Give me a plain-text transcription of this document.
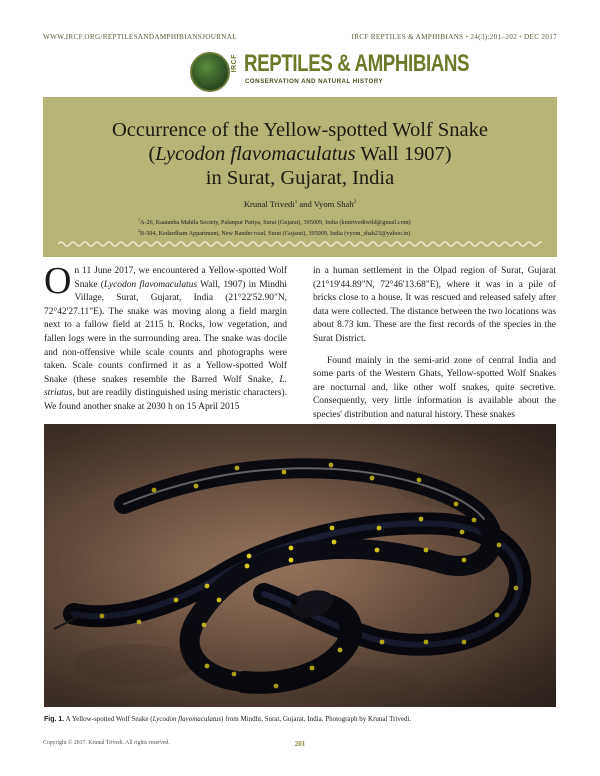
WWW.IRCF.ORG/REPTILESANDAMPHIBIANSJOURNAL	IRCF REPTILES & AMPHIBIANS • 24(3):201–202 • DEC 2017
IRCF REPTILES & AMPHIBIANS
CONSERVATION AND NATURAL HISTORY
Occurrence of the Yellow-spotted Wolf Snake
(Lycodon flavomaculatus Wall 1907)
in Surat, Gujarat, India
Krunal Trivedi$^1$ and Vyom Shah$^2$
$^1$A-26, Kaatanba Mahila Society, Palanpur Patiya, Surat (Gujarat), 395009, India (kmtrivediwild@gmail.com)
$^2$B-504, Kedardham Appartment, New Rander road, Surat (Gujarat), 395009, India (vyom_shah23@yahoo.in)

On 11 June 2017, we encountered a Yellow-spotted Wolf Snake (Lycodon flavomaculatus Wall, 1907) in Mindhi Village, Surat, Gujarat, India (21°22'52.90"N, 72°42'27.11"E). The snake was moving along a field margin next to a fallow field at 2115 h. Rocks, low vegetation, and fallen logs were in the surrounding area. The snake was docile and non-offensive while scale counts and photographs were taken. Scale counts confirmed it as a Yellow-spotted Wolf Snake (these snakes resemble the Barred Wolf Snake, L. striatus, but are readily distinguished using meristic characters). We found another snake at 2030 h on 15 April 2015

in a human settlement in the Olpad region of Surat, Gujarat (21°19'44.89"N, 72°46'13.68"E), where it was in a pile of bricks close to a house. It was rescued and released safely after data were collected. The distance between the two locations was about 8.73 km. These are the first records of the species in the Surat District.

Found mainly in the semi-arid zone of central India and some parts of the Western Ghats, Yellow-spotted Wolf Snakes are nocturnal and, like other wolf snakes, quite secretive. Consequently, very little information is available about the species' distribution and natural history. These snakes

Fig. 1. A Yellow-spotted Wolf Snake (Lycodon flavomaculatus) from Mindhi, Surat, Gujarat, India. Photograph by Krunal Trivedi.
Copyright © 2017. Krunal Trivedi. All rights reserved.	201
